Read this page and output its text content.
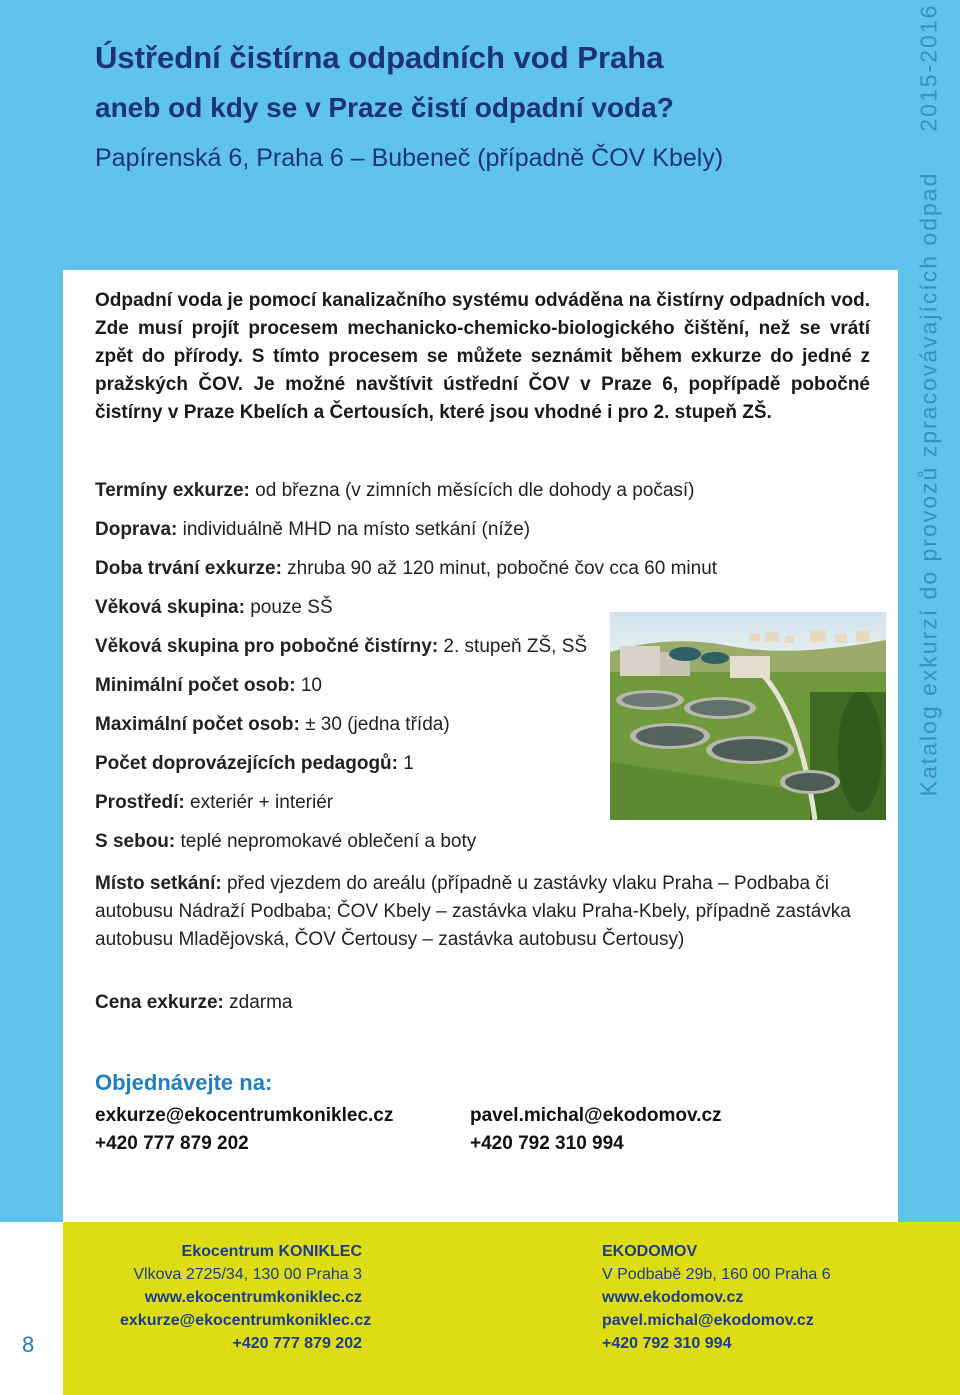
Ústřední čistírna odpadních vod Praha
aneb od kdy se v Praze čistí odpadní voda?
Papírenská 6, Praha 6 – Bubeneč (případně ČOV Kbely)
Katalog exkurzí do provozů zpracovávajících odpad
2015-2016
Odpadní voda je pomocí kanalizačního systému odváděna na čistírny odpadních vod. Zde musí projít procesem mechanicko-chemicko-biologického čištění, než se vrátí zpět do přírody. S tímto procesem se můžete seznámit během exkurze do jedné z pražských ČOV. Je možné navštívit ústřední ČOV v Praze 6, popřípadě pobočné čistírny v Praze Kbelích a Čertousích, které jsou vhodné i pro 2. stupeň ZŠ.
Termíny exkurze: od března (v zimních měsících dle dohody a počasí)
Doprava: individuálně MHD na místo setkání (níže)
Doba trvání exkurze: zhruba 90 až 120 minut, pobočné čov cca 60 minut
Věková skupina: pouze SŠ
Věková skupina pro pobočné čistírny: 2. stupeň ZŠ, SŠ
Minimální počet osob: 10
Maximální počet osob: ± 30 (jedna třída)
Počet doprovázejících pedagogů: 1
Prostředí: exteriér + interiér
S sebou: teplé nepromokavé oblečení a boty
Místo setkání: před vjezdem do areálu (případně u zastávky vlaku Praha – Podbaba či autobusu Nádraží Podbaba; ČOV Kbely – zastávka vlaku Praha-Kbely, případně zastávka autobusu Mladějovská, ČOV Čertousy – zastávka autobusu Čertousy)
Cena exkurze: zdarma
Objednávejte na:
exkurze@ekocentrumkoniklec.cz
+420 777 879 202
pavel.michal@ekodomov.cz
+420 792 310 994
8
Ekocentrum KONIKLEC
Vlkova 2725/34, 130 00 Praha 3
www.ekocentrumkoniklec.cz
exkurze@ekocentrumkoniklec.cz
+420 777 879 202
EKODOMOV
V Podbabě 29b, 160 00 Praha 6
www.ekodomov.cz
pavel.michal@ekodomov.cz
+420 792 310 994
